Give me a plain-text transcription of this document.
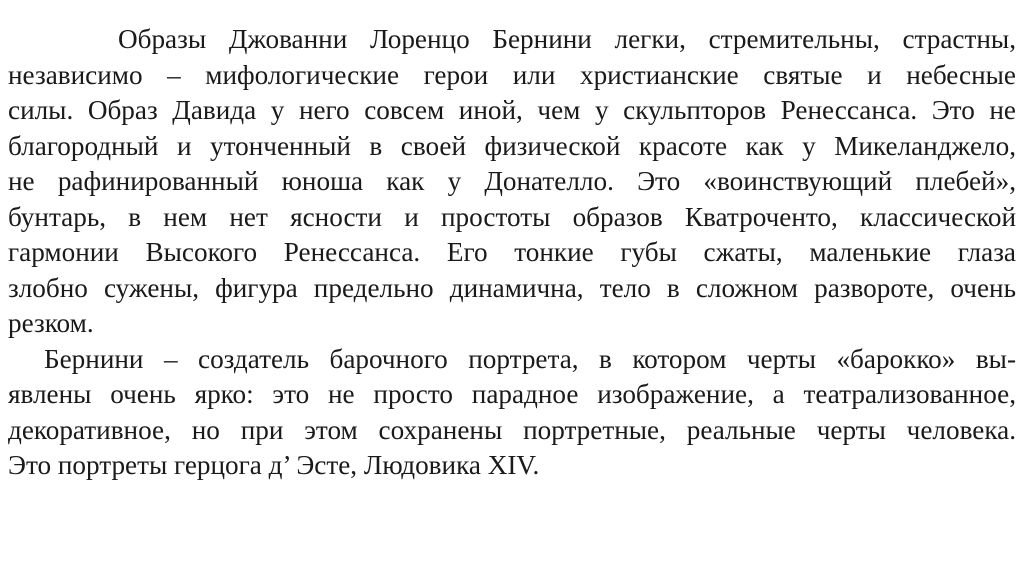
Образы Джованни Лоренцо Бернини легки, стремительны, страстны,
независимо – мифологические герои или христианские святые и небесные
силы. Образ Давида у него совсем иной, чем у скульпторов Ренессанса. Это не
благородный и утонченный в своей физической красоте как у Микеланджело,
не рафинированный юноша как у Донателло. Это «воинствующий плебей»,
бунтарь, в нем нет ясности и простоты образов Кватроченто, классической
гармонии Высокого Ренессанса. Его тонкие губы сжаты, маленькие глаза
злобно сужены, фигура предельно динамична, тело в сложном развороте, очень
резком.
Бернини – создатель барочного портрета, в котором черты «барокко» вы-
явлены очень ярко: это не просто парадное изображение, а театрализованное,
декоративное, но при этом сохранены портретные, реальные черты человека.
Это портреты герцога д’ Эсте, Людовика XIV.
